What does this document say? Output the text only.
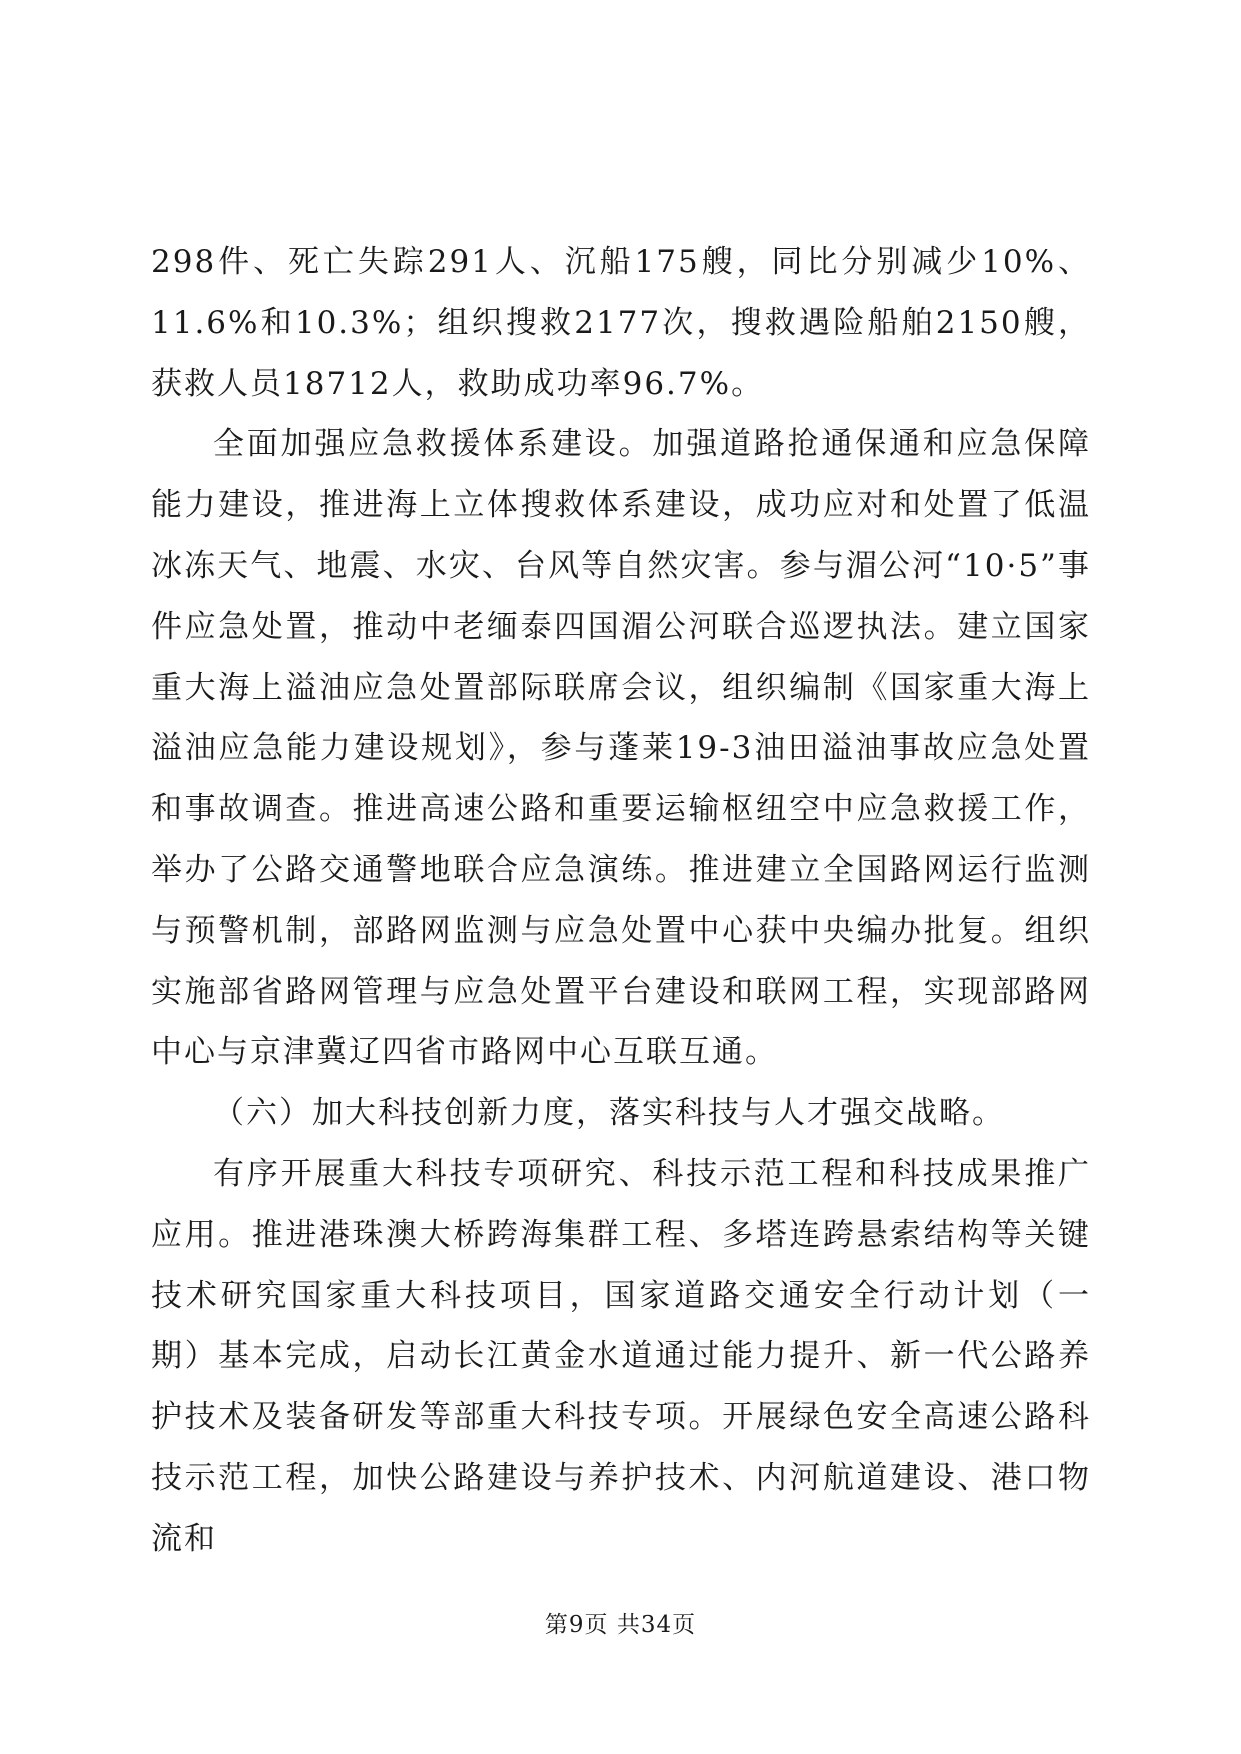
298件、死亡失踪291人、沉船175艘，同比分别减少10%、11.6%和10.3%；组织搜救2177次，搜救遇险船舶2150艘，获救人员18712人，救助成功率96.7%。

全面加强应急救援体系建设。加强道路抢通保通和应急保障能力建设，推进海上立体搜救体系建设，成功应对和处置了低温冰冻天气、地震、水灾、台风等自然灾害。参与湄公河“10·5”事件应急处置，推动中老缅泰四国湄公河联合巡逻执法。建立国家重大海上溢油应急处置部际联席会议，组织编制《国家重大海上溢油应急能力建设规划》，参与蓬莱19-3油田溢油事故应急处置和事故调查。推进高速公路和重要运输枢纽空中应急救援工作，举办了公路交通警地联合应急演练。推进建立全国路网运行监测与预警机制，部路网监测与应急处置中心获中央编办批复。组织实施部省路网管理与应急处置平台建设和联网工程，实现部路网中心与京津冀辽四省市路网中心互联互通。

（六）加大科技创新力度，落实科技与人才强交战略。

有序开展重大科技专项研究、科技示范工程和科技成果推广应用。推进港珠澳大桥跨海集群工程、多塔连跨悬索结构等关键技术研究国家重大科技项目，国家道路交通安全行动计划（一期）基本完成，启动长江黄金水道通过能力提升、新一代公路养护技术及装备研发等部重大科技专项。开展绿色安全高速公路科技示范工程，加快公路建设与养护技术、内河航道建设、港口物流和

第9页 共34页
